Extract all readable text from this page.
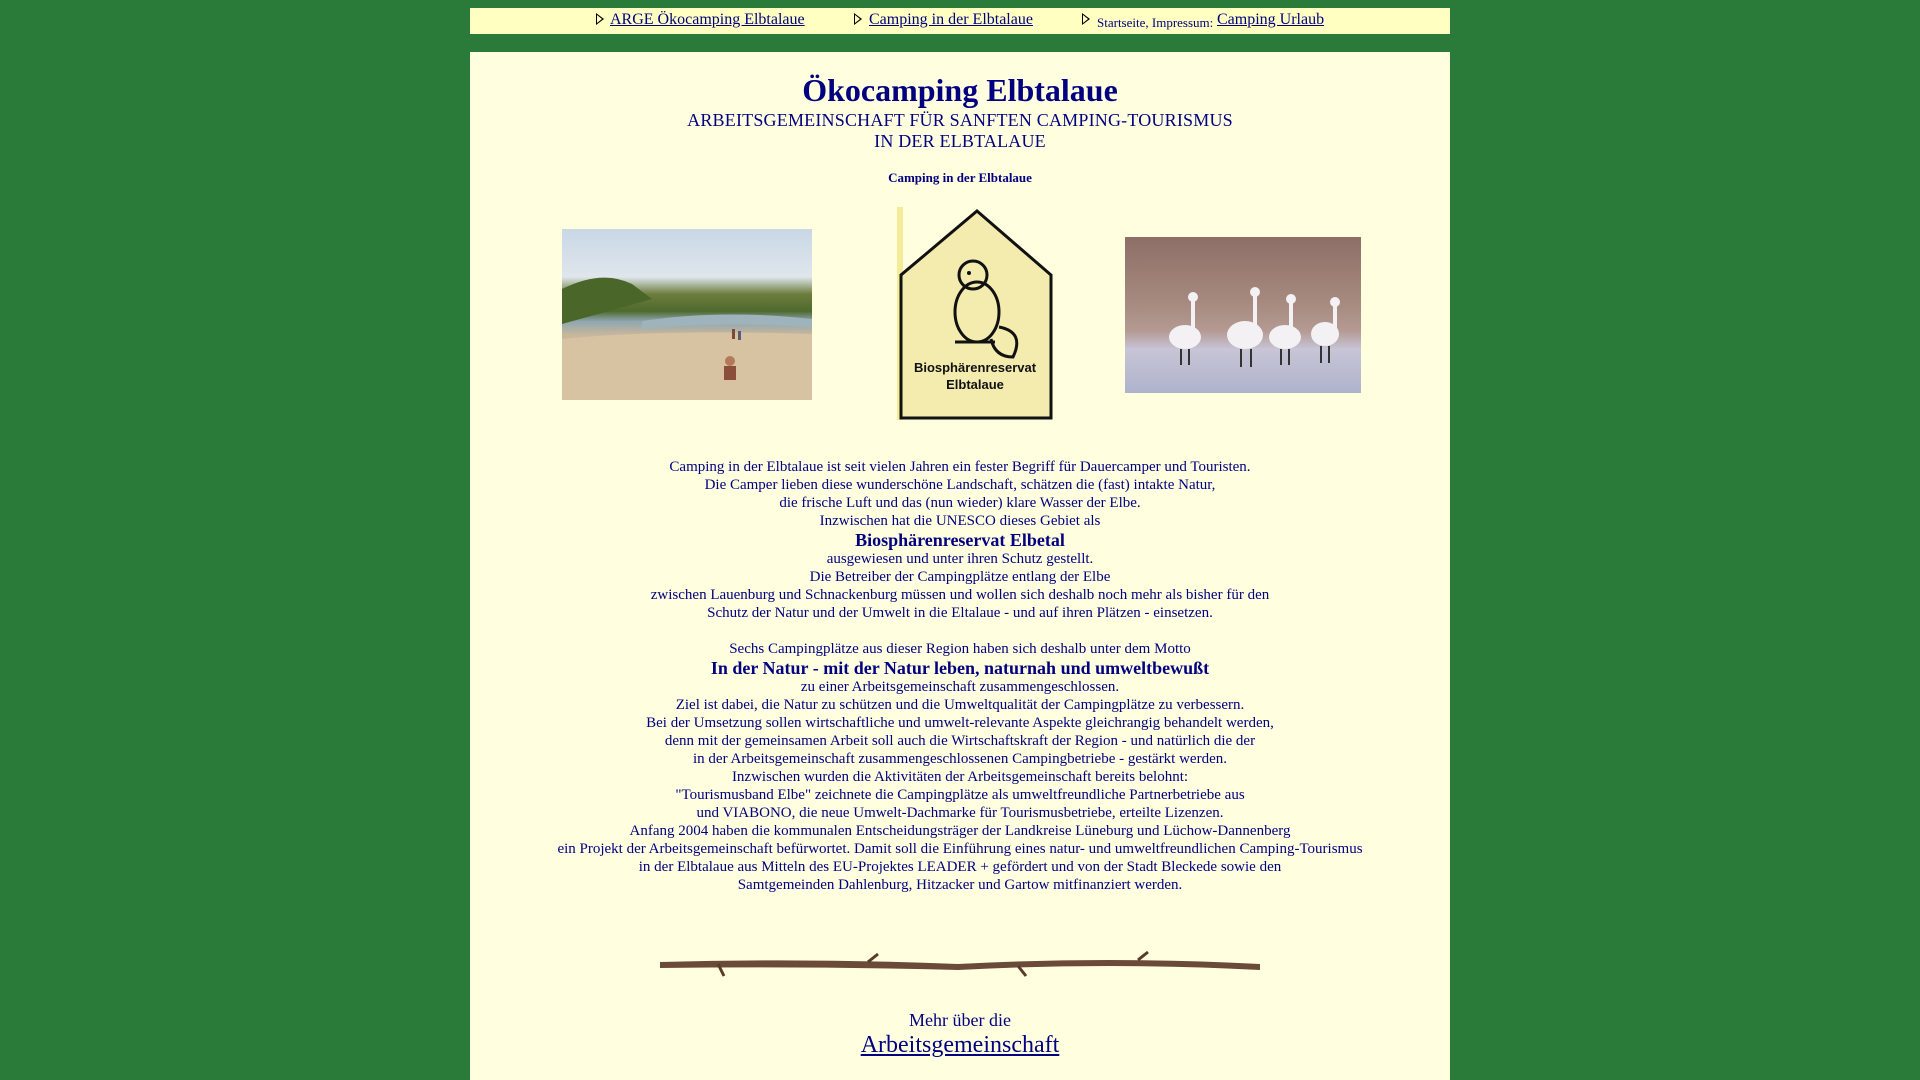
ARGE Ökocamping Elbtalaue	Camping in der Elbtalaue	Startseite, Impressum: Camping Urlaub
Ökocamping Elbtalaue
ARBEITSGEMEINSCHAFT FÜR SANFTEN CAMPING-TOURISMUS
IN DER ELBTALAUE
Camping in der Elbtalaue
Biosphärenreservat
Elbtalaue
Camping in der Elbtalaue ist seit vielen Jahren ein fester Begriff für Dauercamper und Touristen.
Die Camper lieben diese wunderschöne Landschaft, schätzen die (fast) intakte Natur,
die frische Luft und das (nun wieder) klare Wasser der Elbe.
Inzwischen hat die UNESCO dieses Gebiet als
Biosphärenreservat Elbetal
ausgewiesen und unter ihren Schutz gestellt.
Die Betreiber der Campingplätze entlang der Elbe
zwischen Lauenburg und Schnackenburg müssen und wollen sich deshalb noch mehr als bisher für den
Schutz der Natur und der Umwelt in die Eltalaue - und auf ihren Plätzen - einsetzen.
Sechs Campingplätze aus dieser Region haben sich deshalb unter dem Motto
In der Natur - mit der Natur leben, naturnah und umweltbewußt
zu einer Arbeitsgemeinschaft zusammengeschlossen.
Ziel ist dabei, die Natur zu schützen und die Umweltqualität der Campingplätze zu verbessern.
Bei der Umsetzung sollen wirtschaftliche und umwelt-relevante Aspekte gleichrangig behandelt werden,
denn mit der gemeinsamen Arbeit soll auch die Wirtschaftskraft der Region - und natürlich die der
in der Arbeitsgemeinschaft zusammengeschlossenen Campingbetriebe - gestärkt werden.
Inzwischen wurden die Aktivitäten der Arbeitsgemeinschaft bereits belohnt:
"Tourismusband Elbe" zeichnete die Campingplätze als umweltfreundliche Partnerbetriebe aus
und VIABONO, die neue Umwelt-Dachmarke für Tourismusbetriebe, erteilte Lizenzen.
Anfang 2004 haben die kommunalen Entscheidungsträger der Landkreise Lüneburg und Lüchow-Dannenberg
ein Projekt der Arbeitsgemeinschaft befürwortet. Damit soll die Einführung eines natur- und umweltfreundlichen Camping-Tourismus
in der Elbtalaue aus Mitteln des EU-Projektes LEADER + gefördert und von der Stadt Bleckede sowie den
Samtgemeinden Dahlenburg, Hitzacker und Gartow mitfinanziert werden.
Mehr über die
Arbeitsgemeinschaft
